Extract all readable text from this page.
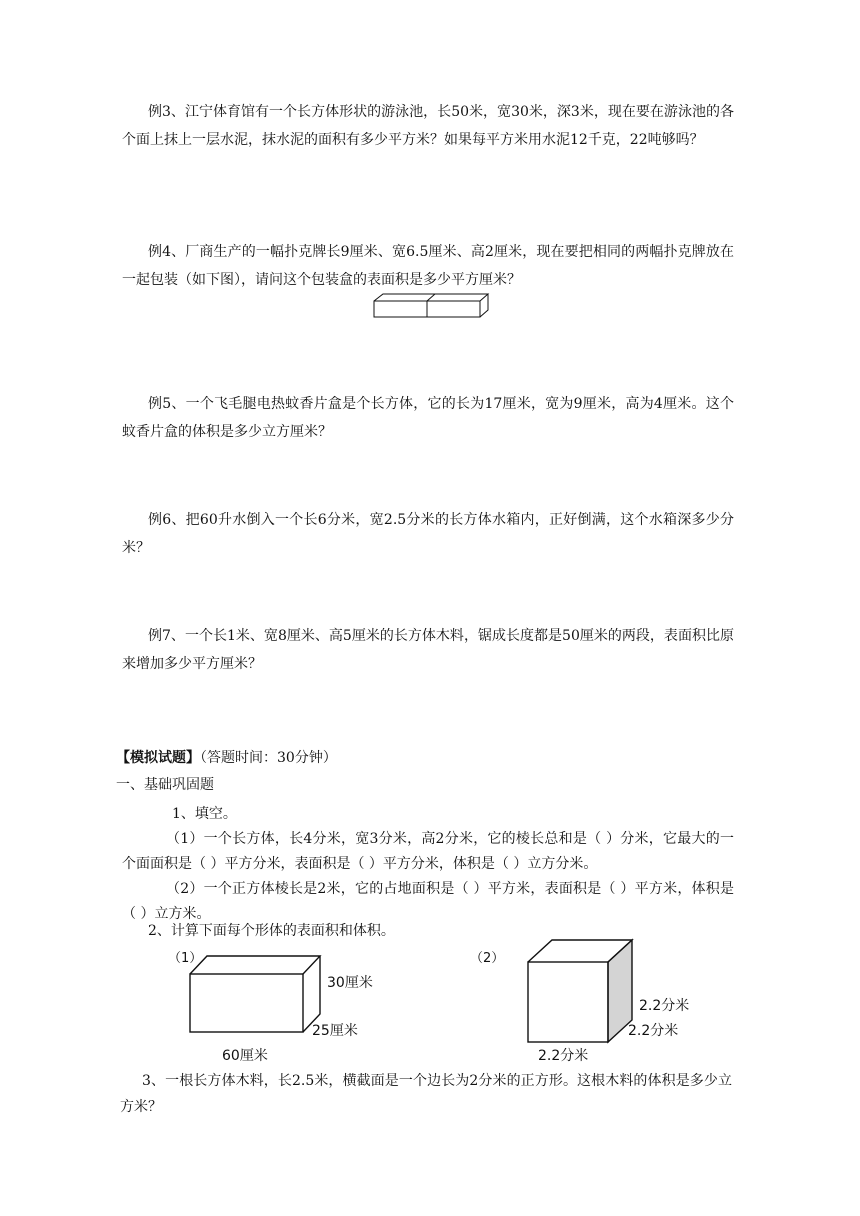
例3、江宁体育馆有一个长方体形状的游泳池，长50米，宽30米，深3米，现在要在游泳池的各个面上抹上一层水泥，抹水泥的面积有多少平方米？如果每平方米用水泥12千克，22吨够吗？

例4、厂商生产的一幅扑克牌长9厘米、宽6.5厘米、高2厘米，现在要把相同的两幅扑克牌放在一起包装（如下图），请问这个包装盒的表面积是多少平方厘米？

例5、一个飞毛腿电热蚊香片盒是个长方体，它的长为17厘米，宽为9厘米，高为4厘米。这个蚊香片盒的体积是多少立方厘米？

例6、把60升水倒入一个长6分米，宽2.5分米的长方体水箱内，正好倒满，这个水箱深多少分米？

例7、一个长1米、宽8厘米、高5厘米的长方体木料，锯成长度都是50厘米的两段，表面积比原来增加多少平方厘米？

【模拟试题】（答题时间：30分钟）

一、基础巩固题

1、填空。

（1）一个长方体，长4分米，宽3分米，高2分米，它的棱长总和是（ ）分米，它最大的一个面面积是（ ）平方分米，表面积是（ ）平方分米，体积是（ ）立方分米。

（2）一个正方体棱长是2米，它的占地面积是（ ）平方米，表面积是（ ）平方米，体积是（ ）立方米。

2、计算下面每个形体的表面积和体积。

（1）
30厘米
25厘米
60厘米
（2）
2.2分米
2.2分米
2.2分米

3、一根长方体木料，长2.5米，横截面是一个边长为2分米的正方形。这根木料的体积是多少立方米？
